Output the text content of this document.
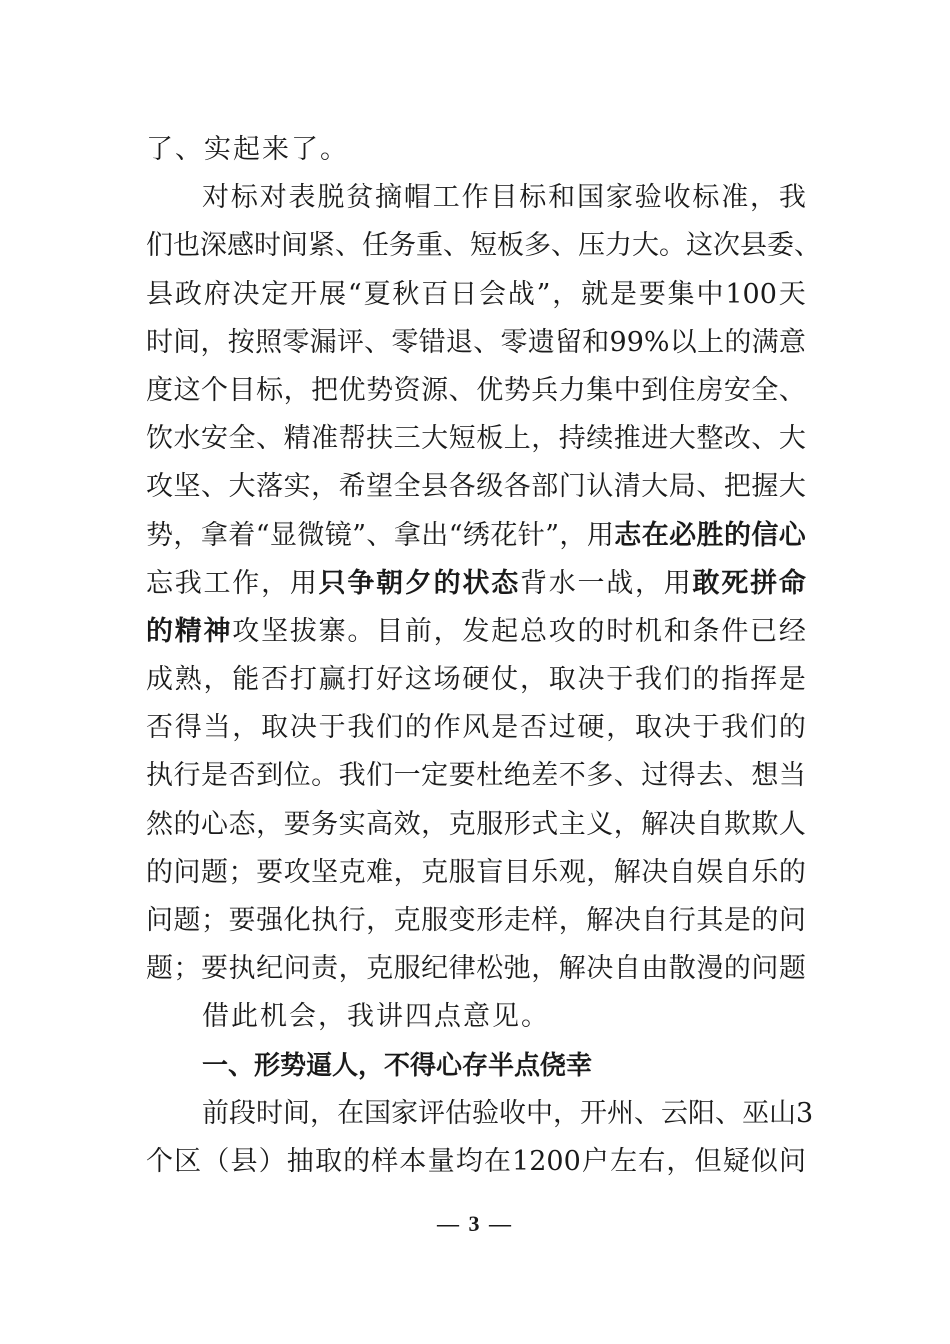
了、实起来了。
对 标 对 表 脱 贫 摘 帽 工 作 目 标 和 国 家 验 收 标 准 ， 我
们 也 深 感 时 间 紧 、 任 务 重 、 短 板 多 、 压 力 大 。 这 次 县 委 、
县 政 府 决 定 开 展 “ 夏 秋 百 日 会 战 ” ， 就 是 要 集 中 100 天
时 间 ， 按 照 零 漏 评 、 零 错 退 、 零 遗 留 和 99% 以 上 的 满 意
度 这 个 目 标 ， 把 优 势 资 源 、 优 势 兵 力 集 中 到 住 房 安 全 、
饮 水 安 全 、 精 准 帮 扶 三 大 短 板 上 ， 持 续 推 进 大 整 改 、 大
攻 坚 、 大 落 实 ， 希 望 全 县 各 级 各 部 门 认 清 大 局 、 把 握 大
势 ， 拿 着 “ 显 微 镜 ” 、 拿 出 “ 绣 花 针 ” ， 用 志 在 必 胜 的 信 心
忘 我 工 作 ， 用 只 争 朝 夕 的 状 态 背 水 一 战 ， 用 敢 死 拼 命
的 精 神 攻 坚 拔 寨 。 目 前 ， 发 起 总 攻 的 时 机 和 条 件 已 经
成 熟 ， 能 否 打 赢 打 好 这 场 硬 仗 ， 取 决 于 我 们 的 指 挥 是
否 得 当 ， 取 决 于 我 们 的 作 风 是 否 过 硬 ， 取 决 于 我 们 的
执 行 是 否 到 位 。 我 们 一 定 要 杜 绝 差 不 多 、 过 得 去 、 想 当
然 的 心 态 ， 要 务 实 高 效 ， 克 服 形 式 主 义 ， 解 决 自 欺 欺 人
的 问 题 ； 要 攻 坚 克 难 ， 克 服 盲 目 乐 观 ， 解 决 自 娱 自 乐 的
问 题 ； 要 强 化 执 行 ， 克 服 变 形 走 样 ， 解 决 自 行 其 是 的 问
题 ； 要 执 纪 问 责 ， 克 服 纪 律 松 弛 ， 解 决 自 由 散 漫 的 问 题
借此机会，我讲四点意见。
一、形势逼人，不得心存半点侥幸
前 段 时 间 ， 在 国 家 评 估 验 收 中 ， 开 州 、 云 阳 、 巫 山 3
个 区 （ 县 ） 抽 取 的 样 本 量 均 在 1200 户 左 右 ， 但 疑 似 问
— 3 —
